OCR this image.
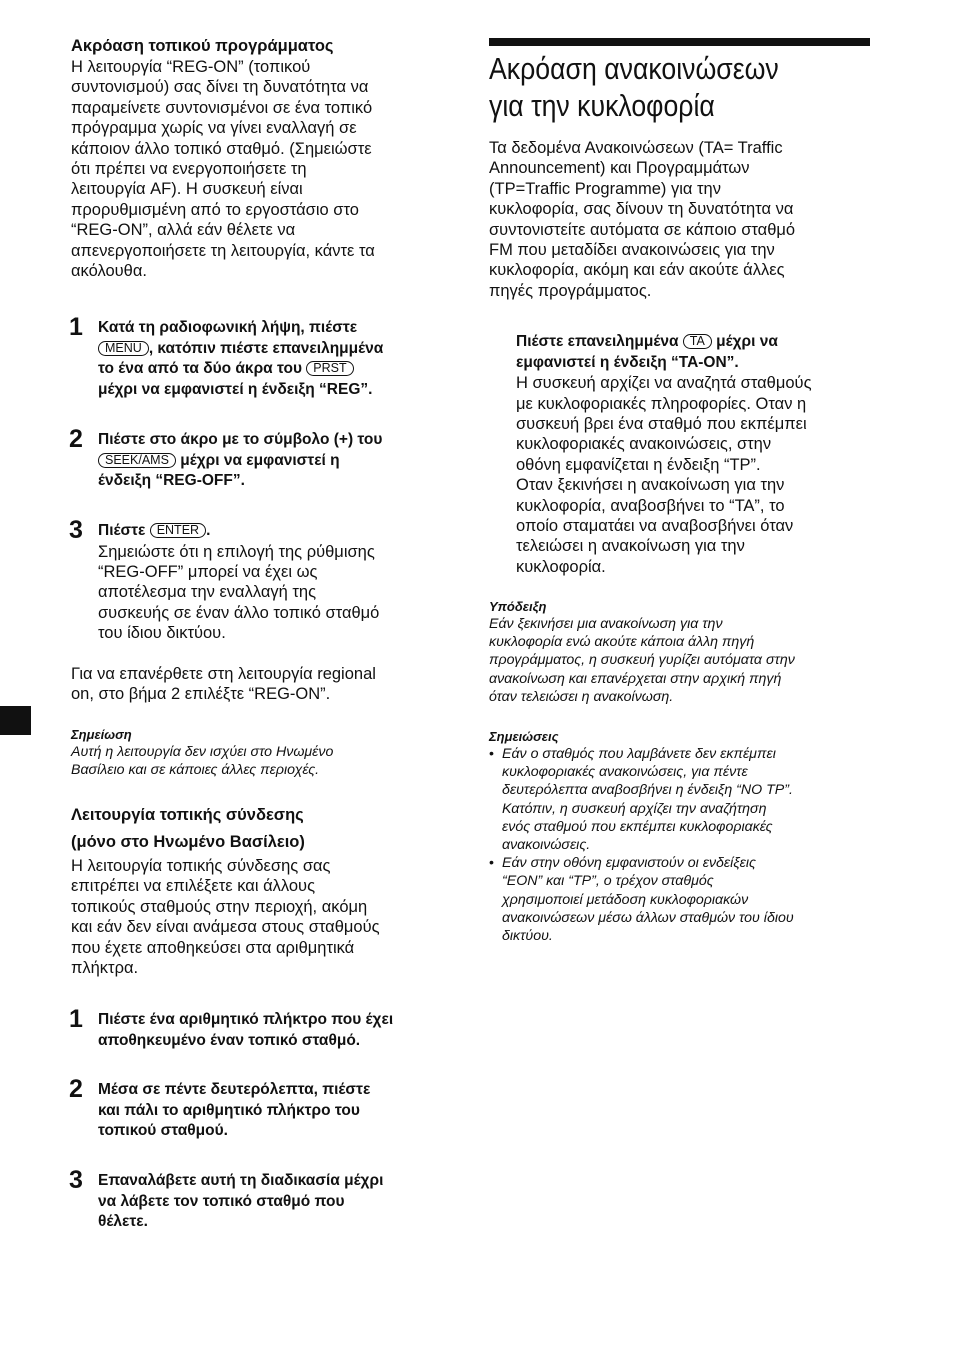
Ακρόαση τοπικού προγράμματος

Η λειτουργία “REG-ON” (τοπικού
συντονισμού) σας δίνει τη δυνατότητα να
παραμείνετε συντονισμένοι σε ένα τοπικό
πρόγραμμα χωρίς να γίνει εναλλαγή σε
κάποιον άλλο τοπικό σταθμό. (Σημειώστε
ότι πρέπει να ενεργοποιήσετε τη
λειτουργία AF). Η συσκευή είναι
προρυθμισμένη από το εργοστάσιο στο
“REG-ON”, αλλά εάν θέλετε να
απενεργοποιήσετε τη λειτουργία, κάντε τα
ακόλουθα.
1 Κατά τη ραδιοφωνική λήψη, πιέστε
MENU , κατόπιν πιέστε επανειλημμένα
το ένα από τα δύο άκρα του PRST
μέχρι να εμφανιστεί η ένδειξη “REG”.
2 Πιέστε στο άκρο με το σύμβολο (+) του
SEEK/AMS μέχρι να εμφανιστεί η
ένδειξη “REG-OFF”.
3 Πιέστε ENTER .
Σημειώστε ότι η επιλογή της ρύθμισης
“REG-OFF” μπορεί να έχει ως
αποτέλεσμα την εναλλαγή της
συσκευής σε έναν άλλο τοπικό σταθμό
του ίδιου δικτύου.
Για να επανέρθετε στη λειτουργία regional
on, στο βήμα 2 επιλέξτε “REG-ON”.

Σημείωση

Αυτή η λειτουργία δεν ισχύει στο Ηνωμένο
Βασίλειο και σε κάποιες άλλες περιοχές.

Λειτουργία τοπικής σύνδεσης

(μόνο στο Ηνωμένο Βασίλειο)

Η λειτουργία τοπικής σύνδεσης σας
επιτρέπει να επιλέξετε και άλλους
τοπικούς σταθμούς στην περιοχή, ακόμη
και εάν δεν είναι ανάμεσα στους σταθμούς
που έχετε αποθηκεύσει στα αριθμητικά
πλήκτρα.
1 Πιέστε ένα αριθμητικό πλήκτρο που έχει
αποθηκευμένο έναν τοπικό σταθμό.
2 Μέσα σε πέντε δευτερόλεπτα, πιέστε
και πάλι το αριθμητικό πλήκτρο του
τοπικού σταθμού.
3 Επαναλάβετε αυτή τη διαδικασία μέχρι
να λάβετε τον τοπικό σταθμό που
θέλετε.
Ακρόαση ανακοινώσεων
για την κυκλοφορία
Τα δεδομένα Ανακοινώσεων (TA= Traffic
Announcement) και Προγραμμάτων
(TP=Traffic Programme) για την
κυκλοφορία, σας δίνουν τη δυνατότητα να
συντονιστείτε αυτόματα σε κάποιο σταθμό
FM που μεταδίδει ανακοινώσεις για την
κυκλοφορία, ακόμη και εάν ακούτε άλλες
πηγές προγράμματος.
Πιέστε επανειλημμένα TA μέχρι να
εμφανιστεί η ένδειξη “TA-ON”.
Η συσκευή αρχίζει να αναζητά σταθμούς
με κυκλοφοριακές πληροφορίες. Οταν η
συσκευή βρει ένα σταθμό που εκπέμπει
κυκλοφοριακές ανακοινώσεις, στην
οθόνη εμφανίζεται η ένδειξη “TP”.
Οταν ξεκινήσει η ανακοίνωση για την
κυκλοφορία, αναβοσβήνει το “TA”, το
οποίο σταματάει να αναβοσβήνει όταν
τελειώσει η ανακοίνωση για την
κυκλοφορία.

Υπόδειξη

Εάν ξεκινήσει μια ανακοίνωση για την
κυκλοφορία ενώ ακούτε κάποια άλλη πηγή
προγράμματος, η συσκευή γυρίζει αυτόματα στην
ανακοίνωση και επανέρχεται στην αρχική πηγή
όταν τελειώσει η ανακοίνωση.

Σημειώσεις

• Εάν ο σταθμός που λαμβάνετε δεν εκπέμπει
κυκλοφοριακές ανακοινώσεις, για πέντε
δευτερόλεπτα αναβοσβήνει η ένδειξη “NO TP”.
Κατόπιν, η συσκευή αρχίζει την αναζήτηση
ενός σταθμού που εκπέμπει κυκλοφοριακές
ανακοινώσεις.
• Εάν στην οθόνη εμφανιστούν οι ενδείξεις
“EON” και “TP”, ο τρέχον σταθμός
χρησιμοποιεί μετάδοση κυκλοφοριακών
ανακοινώσεων μέσω άλλων σταθμών του ίδιου
δικτύου.
